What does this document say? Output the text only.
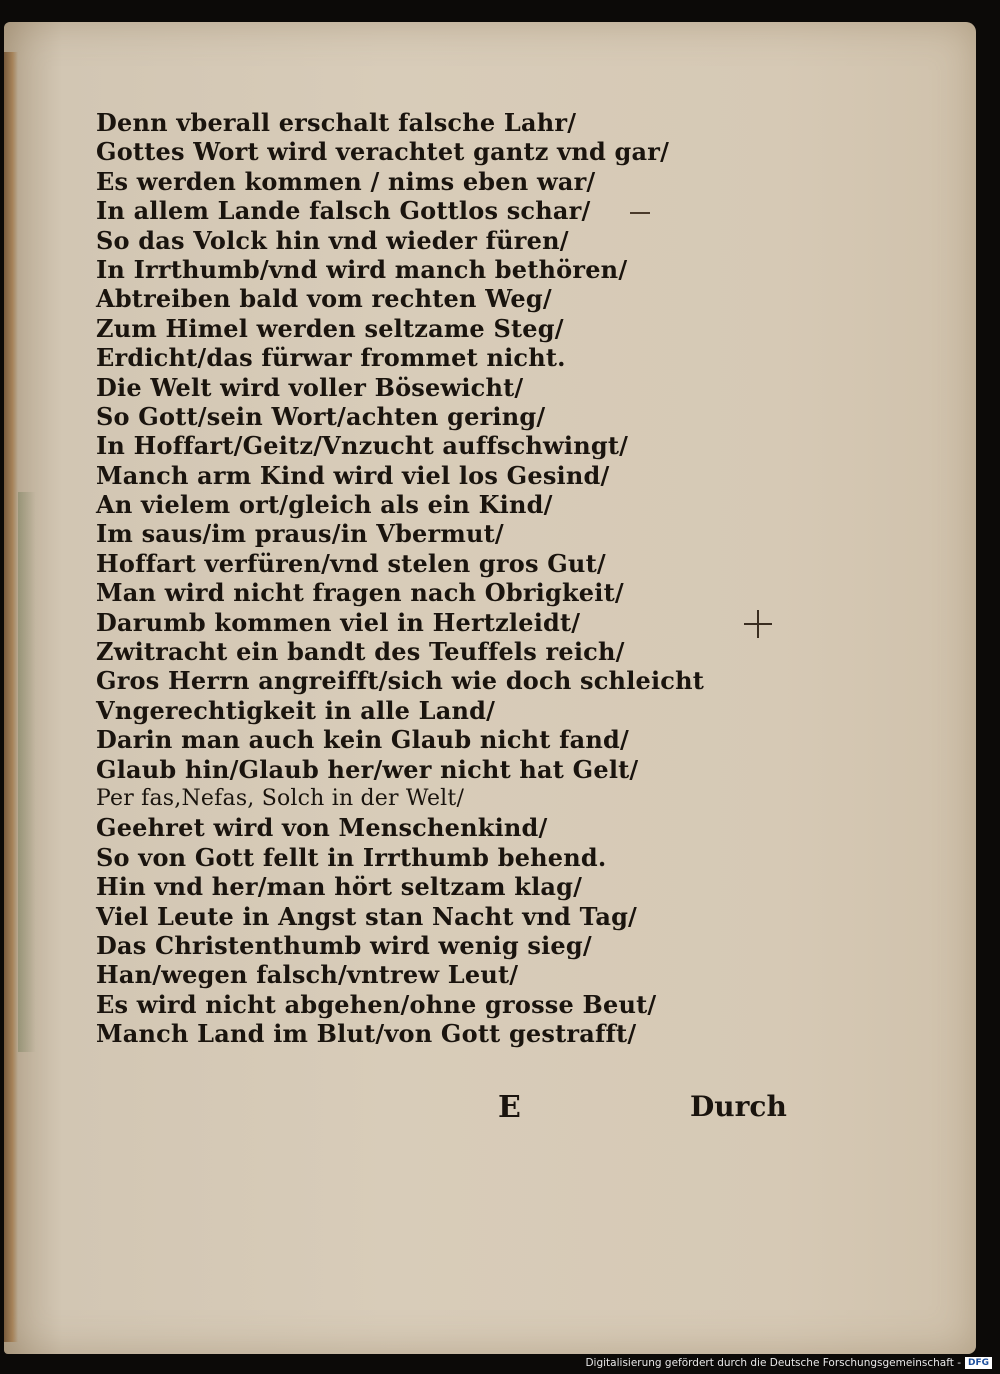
Denn vberall erschalt falsche Lahr/
Gottes Wort wird verachtet gantz vnd gar/
Es werden kommen / nims eben war/
In allem Lande falsch Gottlos schar/
So das Volck hin vnd wieder füren/
In Irrthumb/vnd wird manch bethören/
Abtreiben bald vom rechten Weg/
Zum Himel werden seltzame Steg/
Erdicht/das fürwar frommet nicht.
Die Welt wird voller Bösewicht/
So Gott/sein Wort/achten gering/
In Hoffart/Geitz/Vnzucht auffschwingt/
Manch arm Kind wird viel los Gesind/
An vielem ort/gleich als ein Kind/
Im saus/im praus/in Vbermut/
Hoffart verfüren/vnd stelen gros Gut/
Man wird nicht fragen nach Obrigkeit/
Darumb kommen viel in Hertzleidt/
Zwitracht ein bandt des Teuffels reich/
Gros Herrn angreifft/sich wie doch schleicht
Vngerechtigkeit in alle Land/
Darin man auch kein Glaub nicht fand/
Glaub hin/Glaub her/wer nicht hat Gelt/
Per fas,Nefas, Solch in der Welt/
Geehret wird von Menschenkind/
So von Gott fellt in Irrthumb behend.
Hin vnd her/man hört seltzam klag/
Viel Leute in Angst stan Nacht vnd Tag/
Das Christenthumb wird wenig sieg/
Han/wegen falsch/vntrew Leut/
Es wird nicht abgehen/ohne grosse Beut/
Manch Land im Blut/von Gott gestrafft/
E	Durch
Digitalisierung gefördert durch die Deutsche Forschungsgemeinschaft - DFG
